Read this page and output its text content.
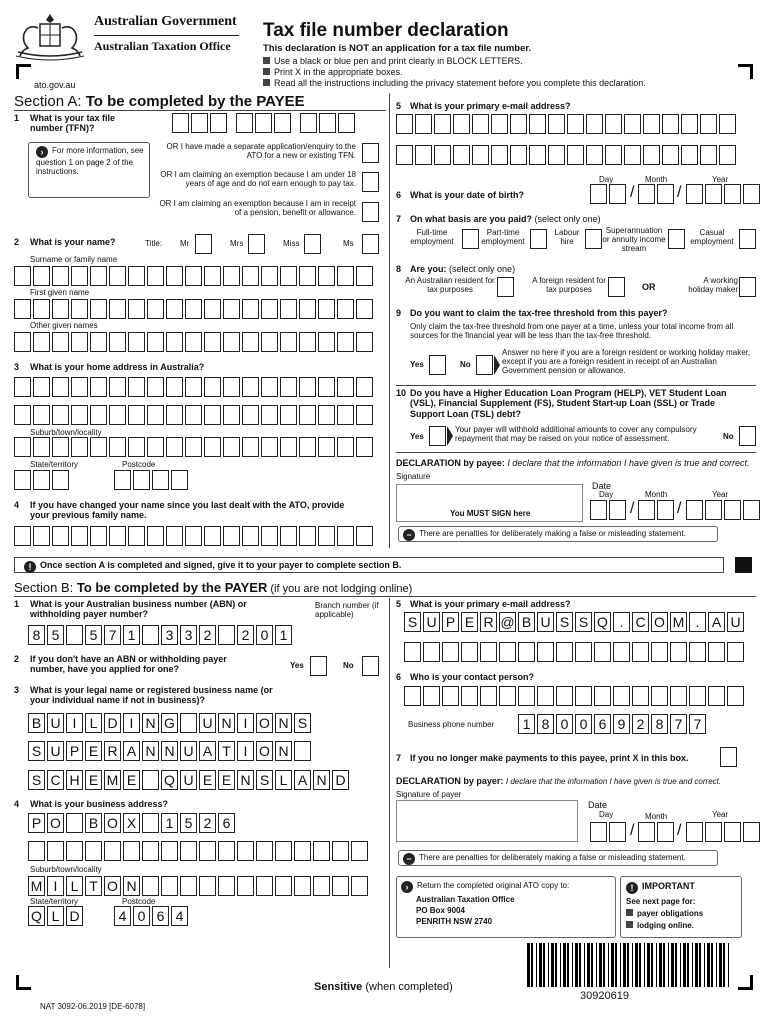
Australian Government
Australian Taxation Office
ato.gov.au
Tax file number declaration
This declaration is NOT an application for a tax file number.
Use a black or blue pen and print clearly in BLOCK LETTERS.
Print X in the appropriate boxes.
Read all the instructions including the privacy statement before you complete this declaration.
Section A: To be completed by the PAYEE
1 What is your tax file number (TFN)?
› For more information, see question 1 on page 2 of the instructions.
OR I have made a separate application/enquiry to the ATO for a new or existing TFN.
OR I am claiming an exemption because I am under 18 years of age and do not earn enough to pay tax.
OR I am claiming an exemption because I am in receipt of a pension, benefit or allowance.
2 What is your name?	Title: Mr	Mrs	Miss	Ms
Surname or family name
First given name
Other given names
3 What is your home address in Australia?
Suburb/town/locality
State/territory	Postcode
4 If you have changed your name since you last dealt with the ATO, provide your previous family name.
5 What is your primary e-mail address?
Day	Month	Year
6 What is your date of birth?	/	/
7 On what basis are you paid? (select only one)
Full-time employment
Part-time employment
Labour hire
Superannuation or annuity income stream
Casual employment
8 Are you: (select only one)
An Australian resident for tax purposes
A foreign resident for tax purposes	OR
A working holiday maker
9 Do you want to claim the tax-free threshold from this payer?
Only claim the tax-free threshold from one payer at a time, unless your total income from all sources for the financial year will be less than the tax-free threshold.
Yes	No
Answer no here if you are a foreign resident or working holiday maker, except if you are a foreign resident in receipt of an Australian Government pension or allowance.
10 Do you have a Higher Education Loan Program (HELP), VET Student Loan (VSL), Financial Supplement (FS), Student Start-up Loan (SSL) or Trade Support Loan (TSL) debt?
Yes
Your payer will withhold additional amounts to cover any compulsory repayment that may be raised on your notice of assessment.	No
DECLARATION by payee: I declare that the information I have given is true and correct.
Signature
You MUST SIGN here
Date
Day	Month	Year
/	/
− There are penalties for deliberately making a false or misleading statement.
! Once section A is completed and signed, give it to your payer to complete section B.
Section B: To be completed by the PAYER (if you are not lodging online)
1 What is your Australian business number (ABN) or withholding payer number?
Branch number (if applicable)
8 5	5 7 1	3 3 2	2 0 1
2 If you don't have an ABN or withholding payer number, have you applied for one?	Yes	No
3 What is your legal name or registered business name (or your individual name if not in business)?
B U I L D I N G U N I O N S
S U P E R A N N U A T I O N
S C H E M E Q U E E N S L A N D
4 What is your business address?
P O B O X	1 5 2 6
Suburb/town/locality
M I L T O N
State/territory	Postcode
Q L D	4 0 6 4
5 What is your primary e-mail address?
S U P E R @ B U S S Q . C O M . A U
6 Who is your contact person?
Business phone number	1 8 0 0 6 9 2 8 7 7
7 If you no longer make payments to this payee, print X in this box.
DECLARATION by payer: I declare that the information I have given is true and correct.
Signature of payer
Date
Day	Month	Year
/	/
− There are penalties for deliberately making a false or misleading statement.
› Return the completed original ATO copy to:
Australian Taxation Office
PO Box 9004
PENRITH NSW 2740
! IMPORTANT
See next page for:
payer obligations
lodging online.
Sensitive (when completed)
NAT 3092-06.2019 [DE-6078]
30920619
